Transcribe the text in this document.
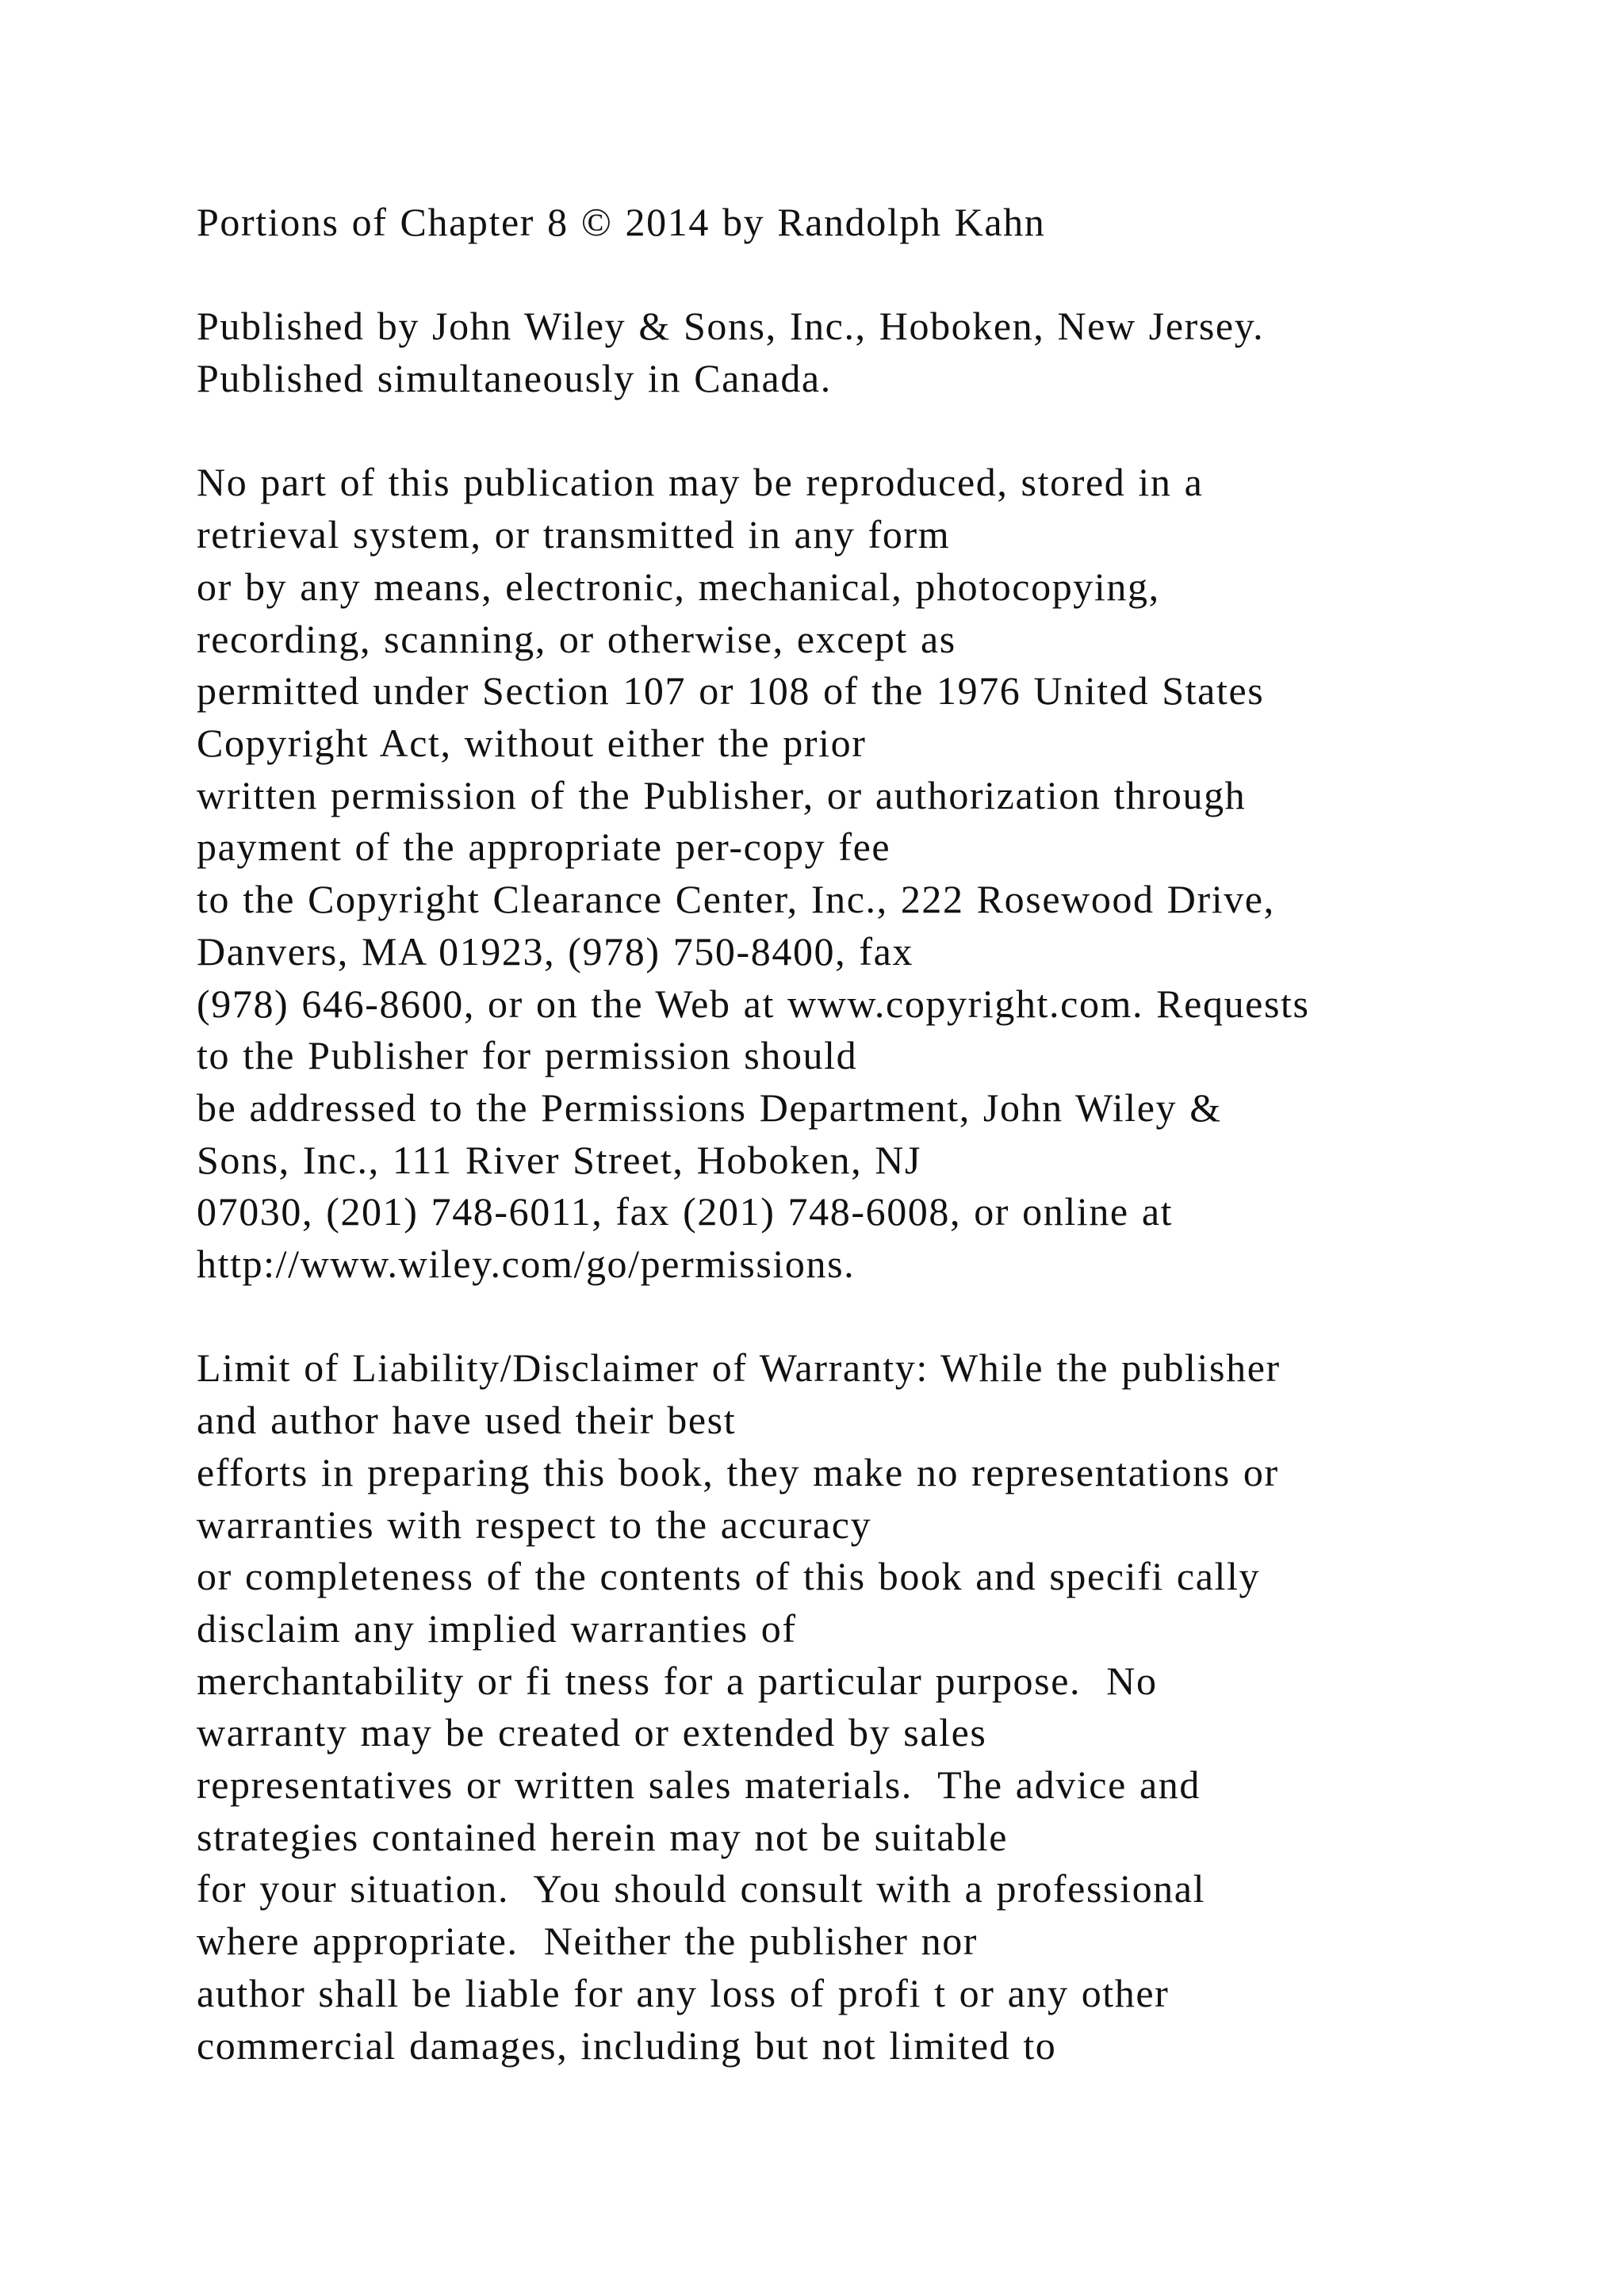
Portions of Chapter 8 © 2014 by Randolph Kahn

Published by John Wiley & Sons, Inc., Hoboken, New Jersey.
Published simultaneously in Canada.

No part of this publication may be reproduced, stored in a
retrieval system, or transmitted in any form
or by any means, electronic, mechanical, photocopying,
recording, scanning, or otherwise, except as
permitted under Section 107 or 108 of the 1976 United States
Copyright Act, without either the prior
written permission of the Publisher, or authorization through
payment of the appropriate per-copy fee
to the Copyright Clearance Center, Inc., 222 Rosewood Drive,
Danvers, MA 01923, (978) 750-8400, fax
(978) 646-8600, or on the Web at www.copyright.com. Requests
to the Publisher for permission should
be addressed to the Permissions Department, John Wiley &
Sons, Inc., 111 River Street, Hoboken, NJ
07030, (201) 748-6011, fax (201) 748-6008, or online at
http://www.wiley.com/go/permissions.

Limit of Liability/Disclaimer of Warranty: While the publisher
and author have used their best
efforts in preparing this book, they make no representations or
warranties with respect to the accuracy
or completeness of the contents of this book and specifi cally
disclaim any implied warranties of
merchantability or fi tness for a particular purpose.  No
warranty may be created or extended by sales
representatives or written sales materials.  The advice and
strategies contained herein may not be suitable
for your situation.  You should consult with a professional
where appropriate.  Neither the publisher nor
author shall be liable for any loss of profi t or any other
commercial damages, including but not limited to
